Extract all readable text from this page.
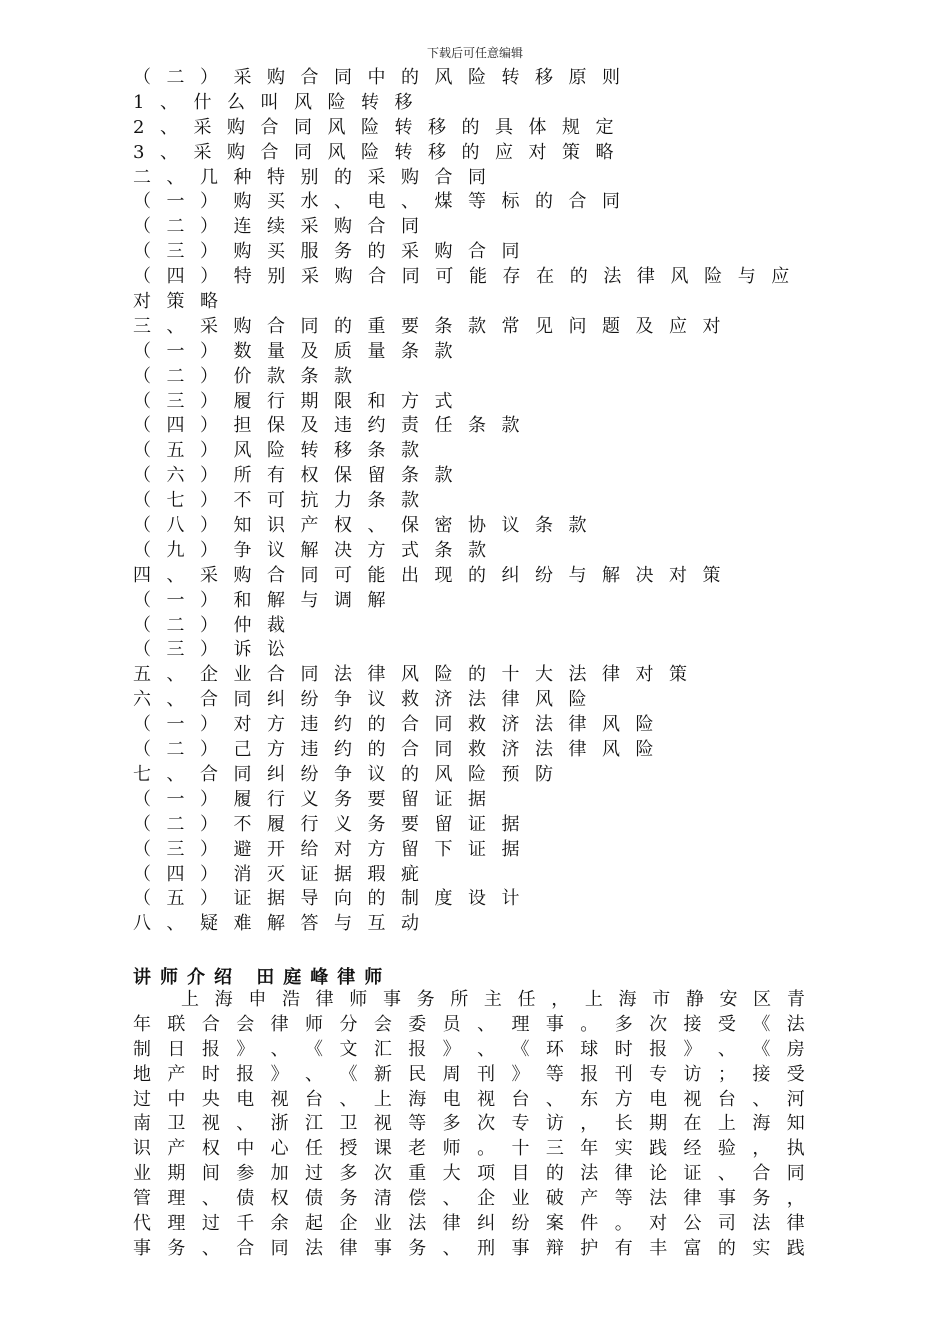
下载后可任意编辑
（二）采购合同中的风险转移原则
1、什么叫风险转移
2、采购合同风险转移的具体规定
3、采购合同风险转移的应对策略
二、几种特别的采购合同
（一）购买水、电、煤等标的合同
（二）连续采购合同
（三）购买服务的采购合同
（ 四 ） 特 别 采 购 合 同 可 能 存 在 的 法 律 风 险 与 应
对策略
三、采购合同的重要条款常见问题及应对
（一）数量及质量条款
（二）价款条款
（三）履行期限和方式
（四）担保及违约责任条款
（五）风险转移条款
（六）所有权保留条款
（七）不可抗力条款
（八）知识产权、保密协议条款
（九）争议解决方式条款
四、采购合同可能出现的纠纷与解决对策
（一）和解与调解
（二）仲裁
（三）诉讼
五、企业合同法律风险的十大法律对策
六、合同纠纷争议救济法律风险
（一）对方违约的合同救济法律风险
（二）己方违约的合同救济法律风险
七、合同纠纷争议的风险预防
（一）履行义务要留证据
（二）不履行义务要留证据
（三）避开给对方留下证据
（四）消灭证据瑕疵
（五）证据导向的制度设计
八、疑难解答与互动
讲师介绍 田庭峰律师
上 海 申 浩 律 师 事 务 所 主 任 ， 上 海 市 静 安 区 青
年 联 合 会 律 师 分 会 委 员 、 理 事 。 多 次 接 受 《 法
制 日 报 》 、 《 文 汇 报 》 、 《 环 球 时 报 》 、 《 房
地 产 时 报 》 、 《 新 民 周 刊 》 等 报 刊 专 访 ； 接 受
过 中 央 电 视 台 、 上 海 电 视 台 、 东 方 电 视 台 、 河
南 卫 视 、 浙 江 卫 视 等 多 次 专 访 ， 长 期 在 上 海 知
识 产 权 中 心 任 授 课 老 师 。 十 三 年 实 践 经 验 ， 执
业 期 间 参 加 过 多 次 重 大 项 目 的 法 律 论 证 、 合 同
管 理 、 债 权 债 务 清 偿 、 企 业 破 产 等 法 律 事 务 ，
代 理 过 千 余 起 企 业 法 律 纠 纷 案 件 。 对 公 司 法 律
事 务 、 合 同 法 律 事 务 、 刑 事 辩 护 有 丰 富 的 实 践
